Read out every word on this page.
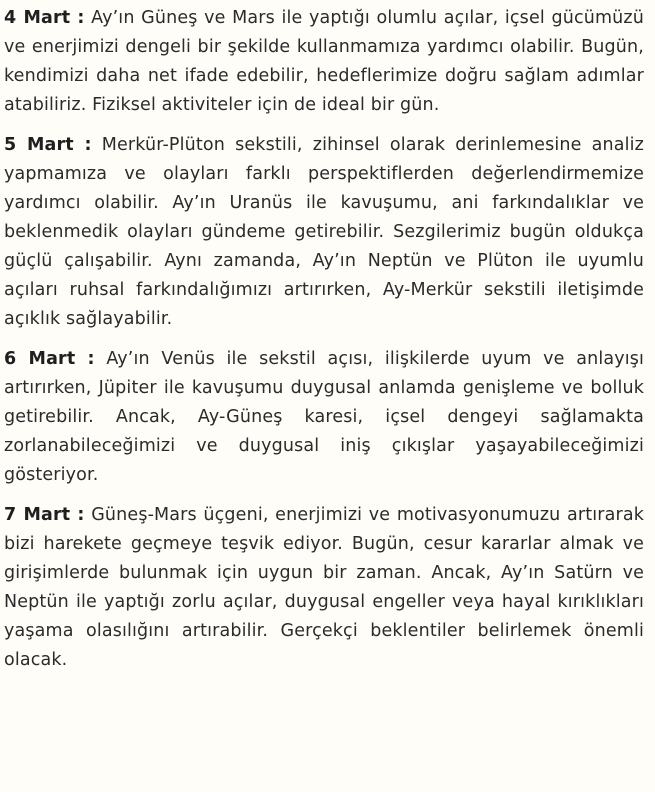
4 Mart : Ay’ın Güneş ve Mars ile yaptığı olumlu açılar, içsel gücümüzü ve enerjimizi dengeli bir şekilde kullanmamıza yardımcı olabilir. Bugün, kendimizi daha net ifade edebilir, hedeflerimize doğru sağlam adımlar atabiliriz. Fiziksel aktiviteler için de ideal bir gün.

5 Mart : Merkür-Plüton sekstili, zihinsel olarak derinlemesine analiz yapmamıza ve olayları farklı perspektiflerden değerlendirmemize yardımcı olabilir. Ay’ın Uranüs ile kavuşumu, ani farkındalıklar ve beklenmedik olayları gündeme getirebilir. Sezgilerimiz bugün oldukça güçlü çalışabilir. Aynı zamanda, Ay’ın Neptün ve Plüton ile uyumlu açıları ruhsal farkındalığımızı artırırken, Ay-Merkür sekstili iletişimde açıklık sağlayabilir.

6 Mart : Ay’ın Venüs ile sekstil açısı, ilişkilerde uyum ve anlayışı artırırken, Jüpiter ile kavuşumu duygusal anlamda genişleme ve bolluk getirebilir. Ancak, Ay-Güneş karesi, içsel dengeyi sağlamakta zorlanabileceğimizi ve duygusal iniş çıkışlar yaşayabileceğimizi gösteriyor.

7 Mart : Güneş-Mars üçgeni, enerjimizi ve motivasyonumuzu artırarak bizi harekete geçmeye teşvik ediyor. Bugün, cesur kararlar almak ve girişimlerde bulunmak için uygun bir zaman. Ancak, Ay’ın Satürn ve Neptün ile yaptığı zorlu açılar, duygusal engeller veya hayal kırıklıkları yaşama olasılığını artırabilir. Gerçekçi beklentiler belirlemek önemli olacak.
